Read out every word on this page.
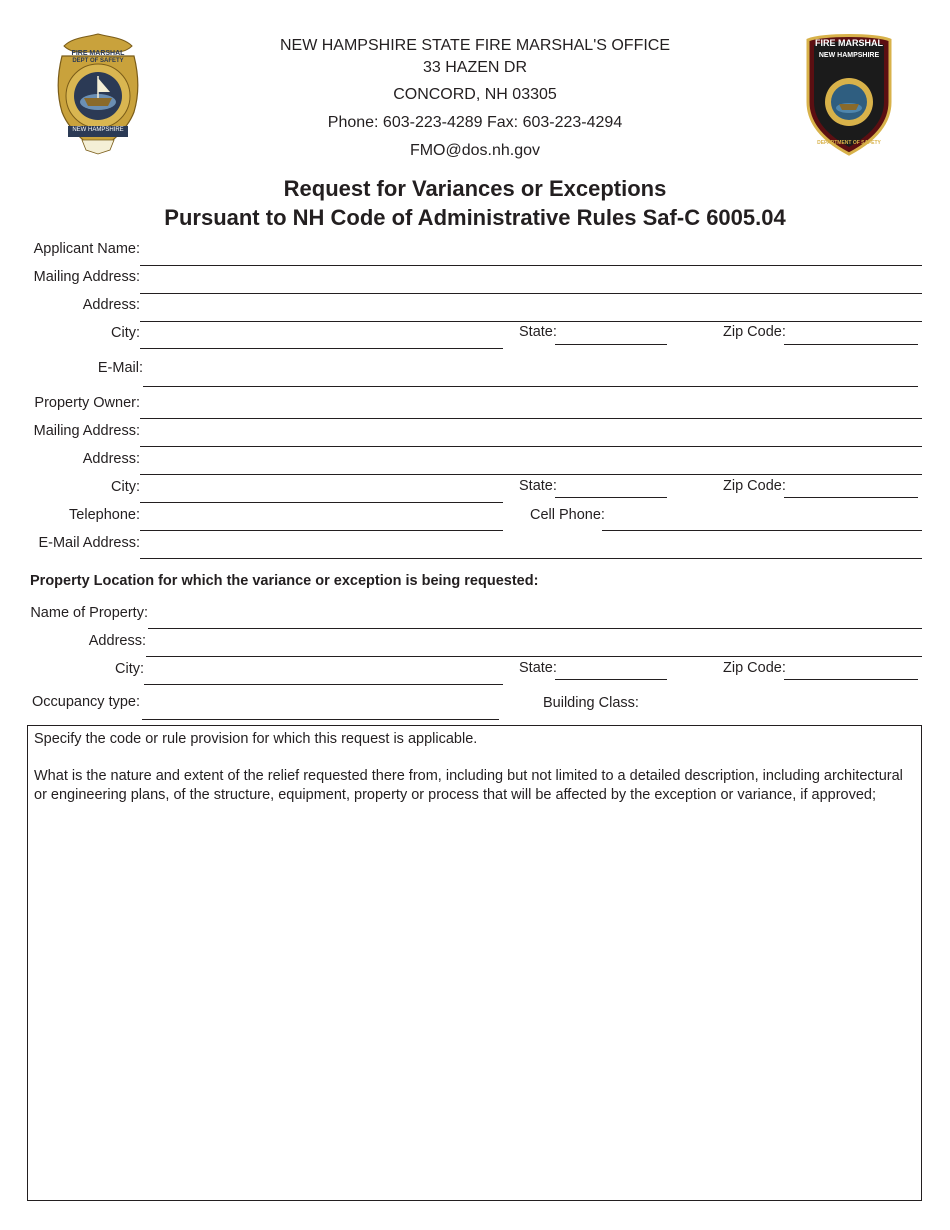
FIRE MARSHAL
DEPT OF SAFETY
NEW HAMPSHIRE
NEW HAMPSHIRE STATE FIRE MARSHAL'S OFFICE
33 HAZEN DR
CONCORD, NH 03305
Phone: 603-223-4289 Fax: 603-223-4294
FMO@dos.nh.gov
FIRE MARSHAL
NEW HAMPSHIRE
DEPARTMENT OF SAFETY
Request for Variances or Exceptions
Pursuant to NH Code of Administrative Rules Saf-C 6005.04
Applicant Name:
Mailing Address:
Address:
City:	State:	Zip Code:
E-Mail:
Property Owner:
Mailing Address:
Address:
City:	State:	Zip Code:
Telephone:	Cell Phone:
E-Mail Address:
Property Location for which the variance or exception is being requested:
Name of Property:
Address:
City:	State:	Zip Code:
Occupancy type:	Building Class:

Specify the code or rule provision for which this request is applicable.

What is the nature and extent of the relief requested there from, including but not limited to a detailed description, including architectural or engineering plans, of the structure, equipment, property or process that will be affected by the exception or variance, if approved;
